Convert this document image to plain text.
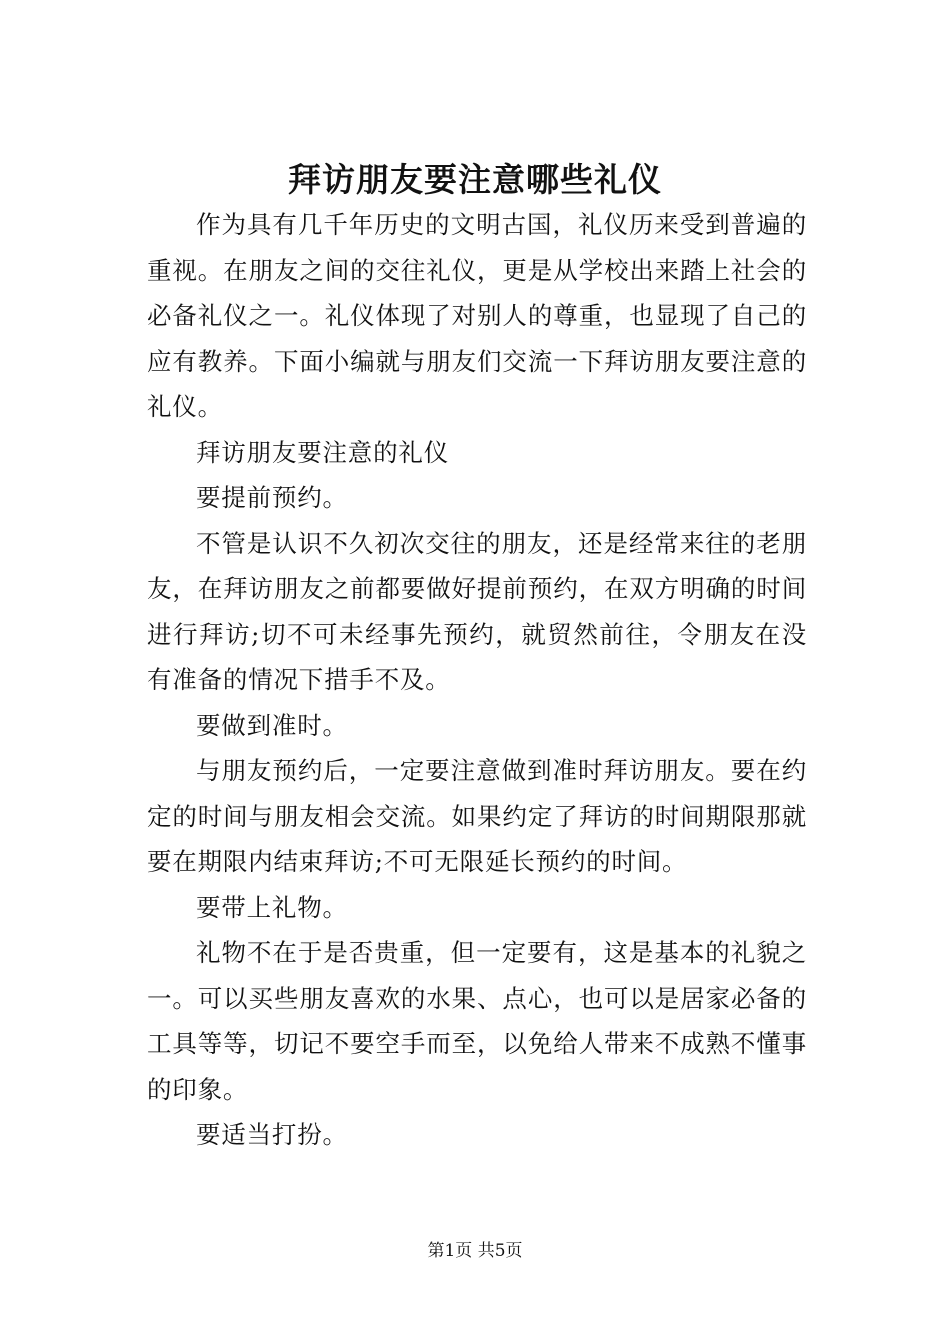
拜访朋友要注意哪些礼仪

作为具有几千年历史的文明古国，礼仪历来受到普遍的重视。在朋友之间的交往礼仪，更是从学校出来踏上社会的必备礼仪之一。礼仪体现了对别人的尊重，也显现了自己的应有教养。下面小编就与朋友们交流一下拜访朋友要注意的礼仪。

拜访朋友要注意的礼仪

要提前预约。

不管是认识不久初次交往的朋友，还是经常来往的老朋友，在拜访朋友之前都要做好提前预约，在双方明确的时间进行拜访;切不可未经事先预约，就贸然前往，令朋友在没有准备的情况下措手不及。

要做到准时。

与朋友预约后，一定要注意做到准时拜访朋友。要在约定的时间与朋友相会交流。如果约定了拜访的时间期限那就要在期限内结束拜访;不可无限延长预约的时间。

要带上礼物。

礼物不在于是否贵重，但一定要有，这是基本的礼貌之一。可以买些朋友喜欢的水果、点心，也可以是居家必备的工具等等，切记不要空手而至，以免给人带来不成熟不懂事的印象。

要适当打扮。

第1页 共5页
